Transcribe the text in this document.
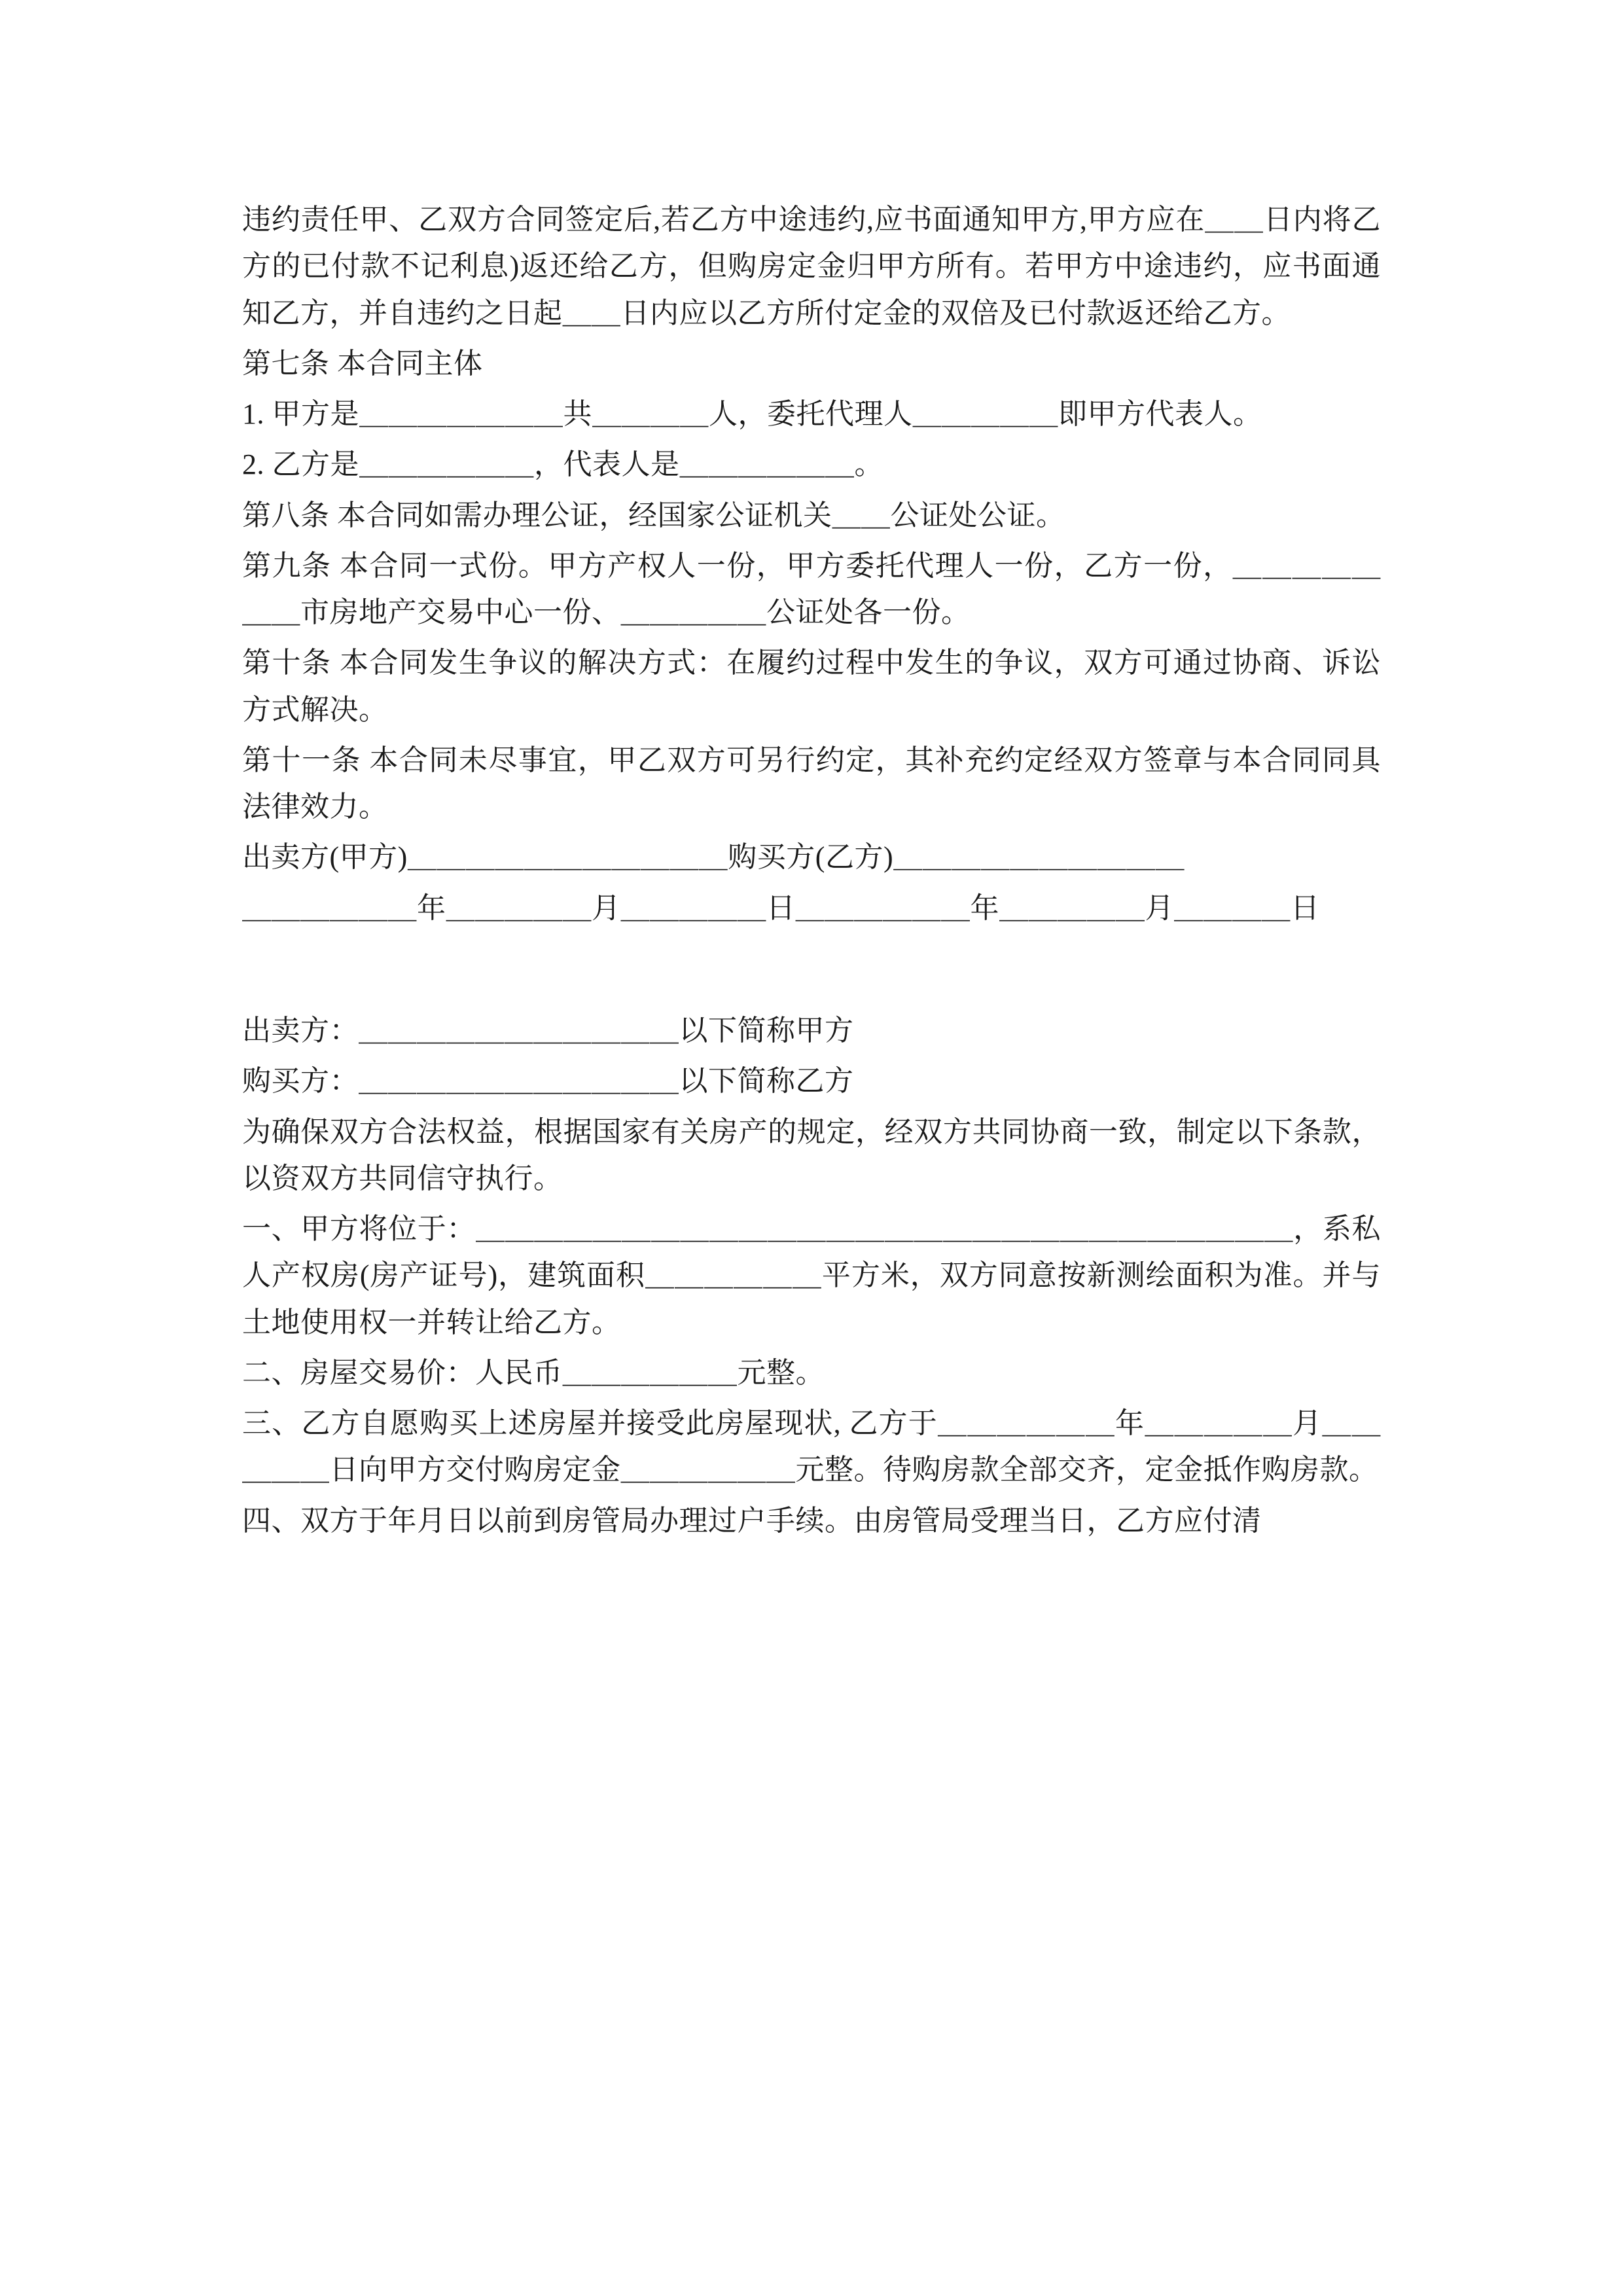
违约责任甲、乙双方合同签定后,若乙方中途违约,应书面通知甲方,甲方应在＿＿日内将乙方的已付款不记利息)返还给乙方，但购房定金归甲方所有。若甲方中途违约，应书面通知乙方，并自违约之日起＿＿日内应以乙方所付定金的双倍及已付款返还给乙方。

第七条 本合同主体

1. 甲方是＿＿＿＿＿＿＿共＿＿＿＿人，委托代理人＿＿＿＿＿即甲方代表人。

2. 乙方是＿＿＿＿＿＿，代表人是＿＿＿＿＿＿。

第八条 本合同如需办理公证，经国家公证机关＿＿公证处公证。

第九条 本合同一式份。甲方产权人一份，甲方委托代理人一份，乙方一份，＿＿＿＿＿＿＿市房地产交易中心一份、＿＿＿＿＿公证处各一份。

第十条 本合同发生争议的解决方式：在履约过程中发生的争议，双方可通过协商、诉讼方式解决。

第十一条 本合同未尽事宜，甲乙双方可另行约定，其补充约定经双方签章与本合同同具法律效力。

出卖方(甲方)＿＿＿＿＿＿＿＿＿＿＿购买方(乙方)＿＿＿＿＿＿＿＿＿＿

＿＿＿＿＿＿年＿＿＿＿＿月＿＿＿＿＿日＿＿＿＿＿＿年＿＿＿＿＿月＿＿＿＿日

出卖方：＿＿＿＿＿＿＿＿＿＿＿以下简称甲方

购买方：＿＿＿＿＿＿＿＿＿＿＿以下简称乙方

为确保双方合法权益，根据国家有关房产的规定，经双方共同协商一致，制定以下条款，以资双方共同信守执行。

一、甲方将位于：＿＿＿＿＿＿＿＿＿＿＿＿＿＿＿＿＿＿＿＿＿＿＿＿＿＿＿＿，系私人产权房(房产证号)，建筑面积＿＿＿＿＿＿平方米，双方同意按新测绘面积为准。并与土地使用权一并转让给乙方。

二、房屋交易价：人民币＿＿＿＿＿＿元整。

三、乙方自愿购买上述房屋并接受此房屋现状, 乙方于＿＿＿＿＿＿年＿＿＿＿＿月＿＿＿＿＿日向甲方交付购房定金＿＿＿＿＿＿元整。待购房款全部交齐，定金抵作购房款。

四、双方于年月日以前到房管局办理过户手续。由房管局受理当日，乙方应付清
